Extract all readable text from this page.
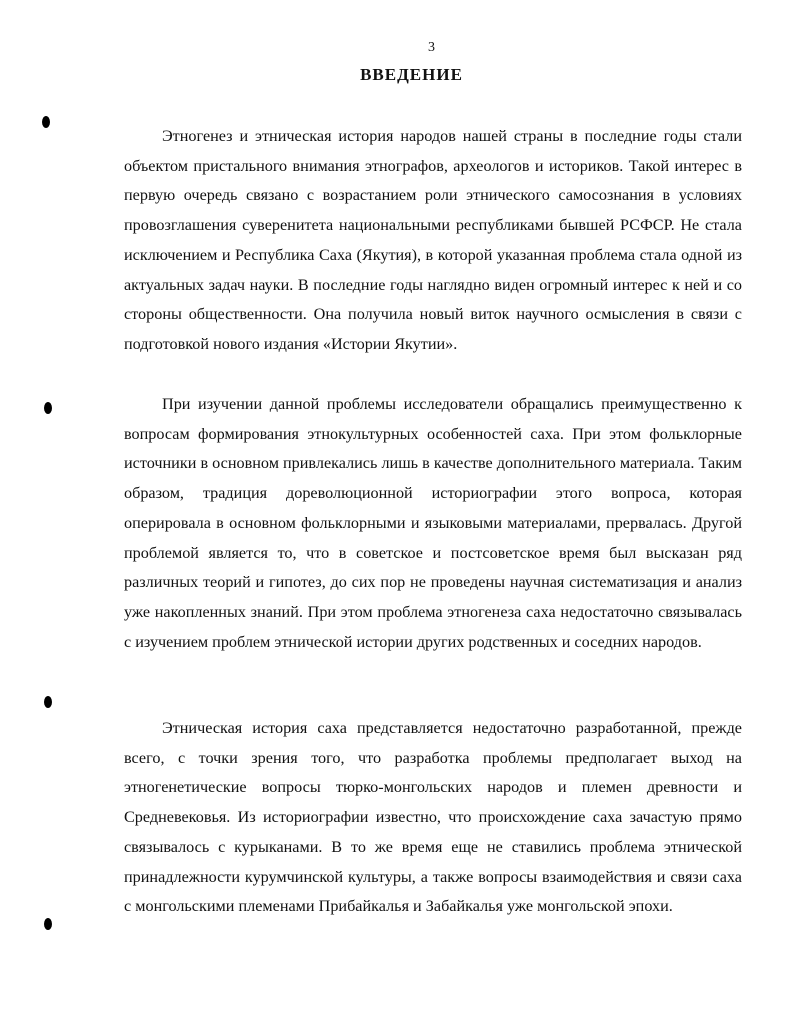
3
ВВЕДЕНИЕ

Этногенез и этническая история народов нашей страны в последние годы стали объектом пристального внимания этнографов, археологов и историков. Такой интерес в первую очередь связано с возрастанием роли этнического самосознания в условиях провозглашения суверенитета национальными республиками бывшей РСФСР. Не стала исключением и Республика Саха (Якутия), в которой указанная проблема стала одной из актуальных задач науки. В последние годы наглядно виден огромный интерес к ней и со стороны общественности. Она получила новый виток научного осмысления в связи с подготовкой нового издания «Истории Якутии».

При изучении данной проблемы исследователи обращались преимущественно к вопросам формирования этнокультурных особенностей саха. При этом фольклорные источники в основном привлекались лишь в качестве дополнительного материала. Таким образом, традиция дореволюционной историографии этого вопроса, которая оперировала в основном фольклорными и языковыми материалами, прервалась. Другой проблемой является то, что в советское и постсоветское время был высказан ряд различных теорий и гипотез, до сих пор не проведены научная систематизация и анализ уже накопленных знаний. При этом проблема этногенеза саха недостаточно связывалась с изучением проблем этнической истории других родственных и соседних народов.

Этническая история саха представляется недостаточно разработанной, прежде всего, с точки зрения того, что разработка проблемы предполагает выход на этногенетические вопросы тюрко-монгольских народов и племен древности и Средневековья. Из историографии известно, что происхождение саха зачастую прямо связывалось с курыканами. В то же время еще не ставились проблема этнической принадлежности курумчинской культуры, а также вопросы взаимодействия и связи саха с монгольскими племенами Прибайкалья и Забайкалья уже монгольской эпохи.
